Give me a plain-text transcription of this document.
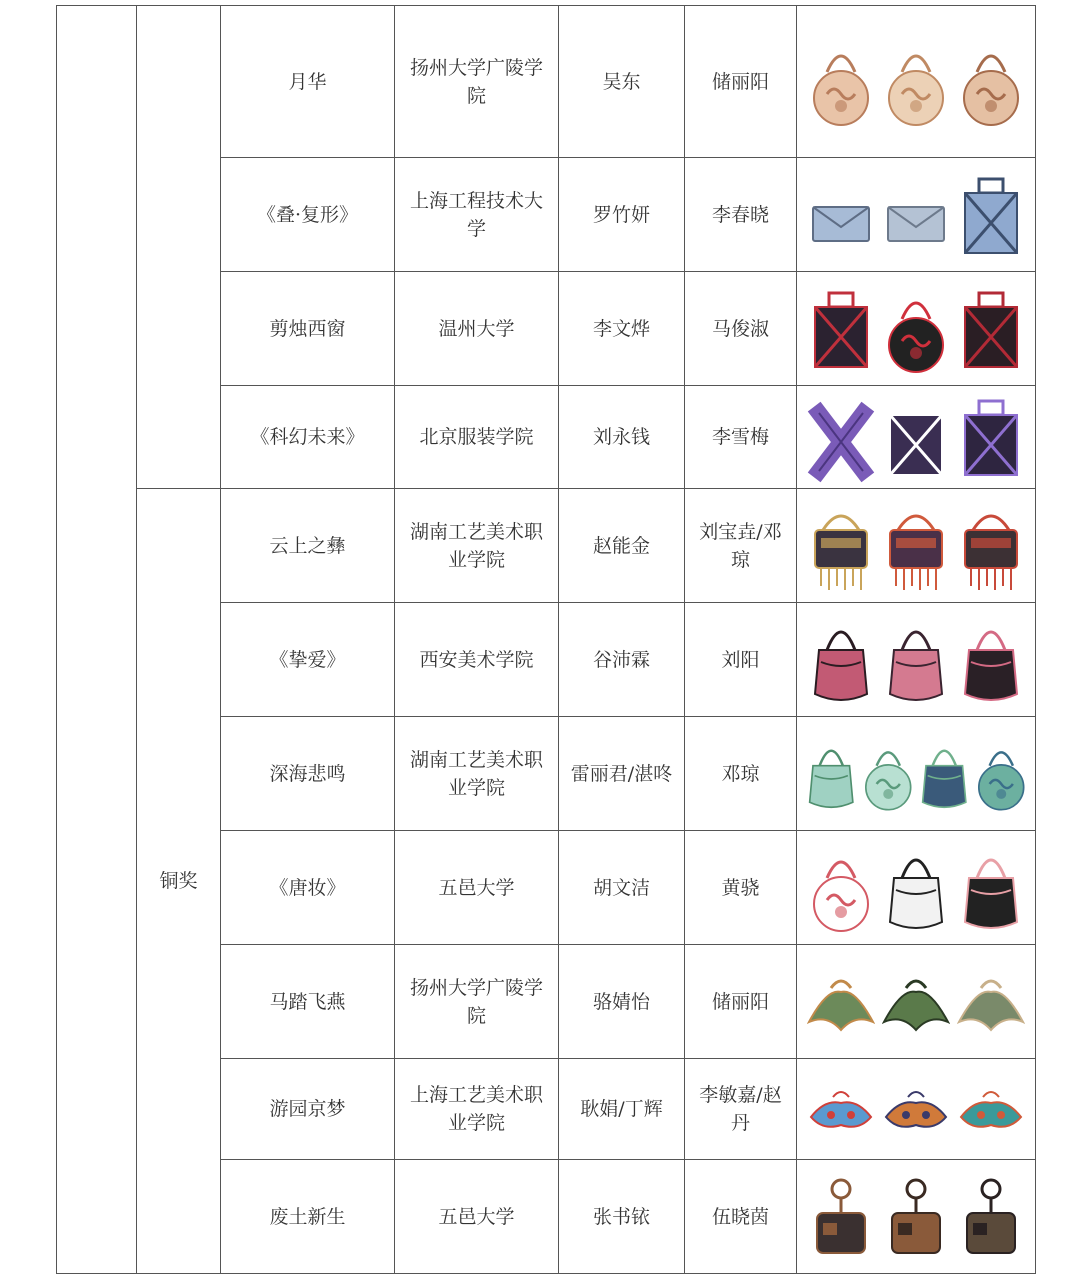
		月华	扬州大学广陵学院	吴东	储丽阳	

		《叠·复形》	上海工程技术大学	罗竹妍	李春晓	

		剪烛西窗	温州大学	李文烨	马俊淑	

		《科幻未来》	北京服装学院	刘永钱	李雪梅	

	铜奖	云上之彝	湖南工艺美术职业学院	赵能金	刘宝垚/邓琼	

		《挚爱》	西安美术学院	谷沛霖	刘阳	

		深海悲鸣	湖南工艺美术职业学院	雷丽君/湛咚	邓琼	

		《唐妆》	五邑大学	胡文洁	黄骁	

		马踏飞燕	扬州大学广陵学院	骆婧怡	储丽阳	

		游园京梦	上海工艺美术职业学院	耿娟/丁辉	李敏嘉/赵丹	

		废土新生	五邑大学	张书铱	伍晓茵	
